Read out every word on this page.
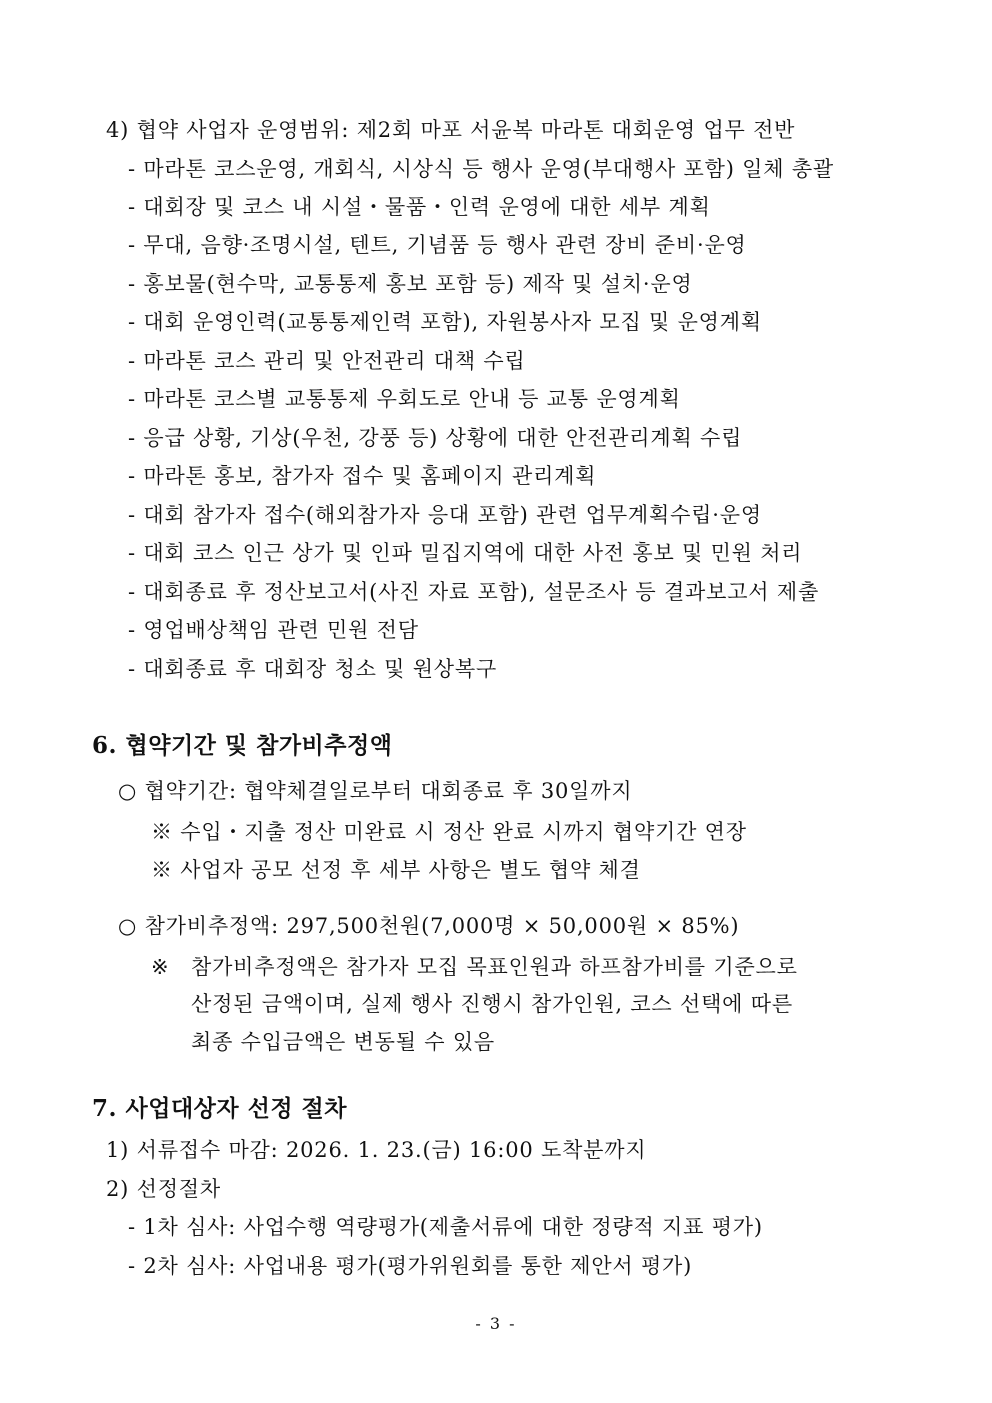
4) 협약 사업자 운영범위: 제2회 마포 서윤복 마라톤 대회운영 업무 전반
- 마라톤 코스운영, 개회식, 시상식 등 행사 운영(부대행사 포함) 일체 총괄
- 대회장 및 코스 내 시설・물품・인력 운영에 대한 세부 계획
- 무대, 음향·조명시설, 텐트, 기념품 등 행사 관련 장비 준비·운영
- 홍보물(현수막, 교통통제 홍보 포함 등) 제작 및 설치·운영
- 대회 운영인력(교통통제인력 포함), 자원봉사자 모집 및 운영계획
- 마라톤 코스 관리 및 안전관리 대책 수립
- 마라톤 코스별 교통통제 우회도로 안내 등 교통 운영계획
- 응급 상황, 기상(우천, 강풍 등) 상황에 대한 안전관리계획 수립
- 마라톤 홍보, 참가자 접수 및 홈페이지 관리계획
- 대회 참가자 접수(해외참가자 응대 포함) 관련 업무계획수립·운영
- 대회 코스 인근 상가 및 인파 밀집지역에 대한 사전 홍보 및 민원 처리
- 대회종료 후 정산보고서(사진 자료 포함), 설문조사 등 결과보고서 제출
- 영업배상책임 관련 민원 전담
- 대회종료 후 대회장 청소 및 원상복구
6. 협약기간 및 참가비추정액
○ 협약기간: 협약체결일로부터 대회종료 후 30일까지
※ 수입・지출 정산 미완료 시 정산 완료 시까지 협약기간 연장
※ 사업자 공모 선정 후 세부 사항은 별도 협약 체결
○ 참가비추정액: 297,500천원(7,000명 × 50,000원 × 85%)
※ 참가비추정액은 참가자 모집 목표인원과 하프참가비를 기준으로
산정된 금액이며, 실제 행사 진행시 참가인원, 코스 선택에 따른
최종 수입금액은 변동될 수 있음
7. 사업대상자 선정 절차
1) 서류접수 마감: 2026. 1. 23.(금) 16:00 도착분까지
2) 선정절차
- 1차 심사: 사업수행 역량평가(제출서류에 대한 정량적 지표 평가)
- 2차 심사: 사업내용 평가(평가위원회를 통한 제안서 평가)
- 3 -
